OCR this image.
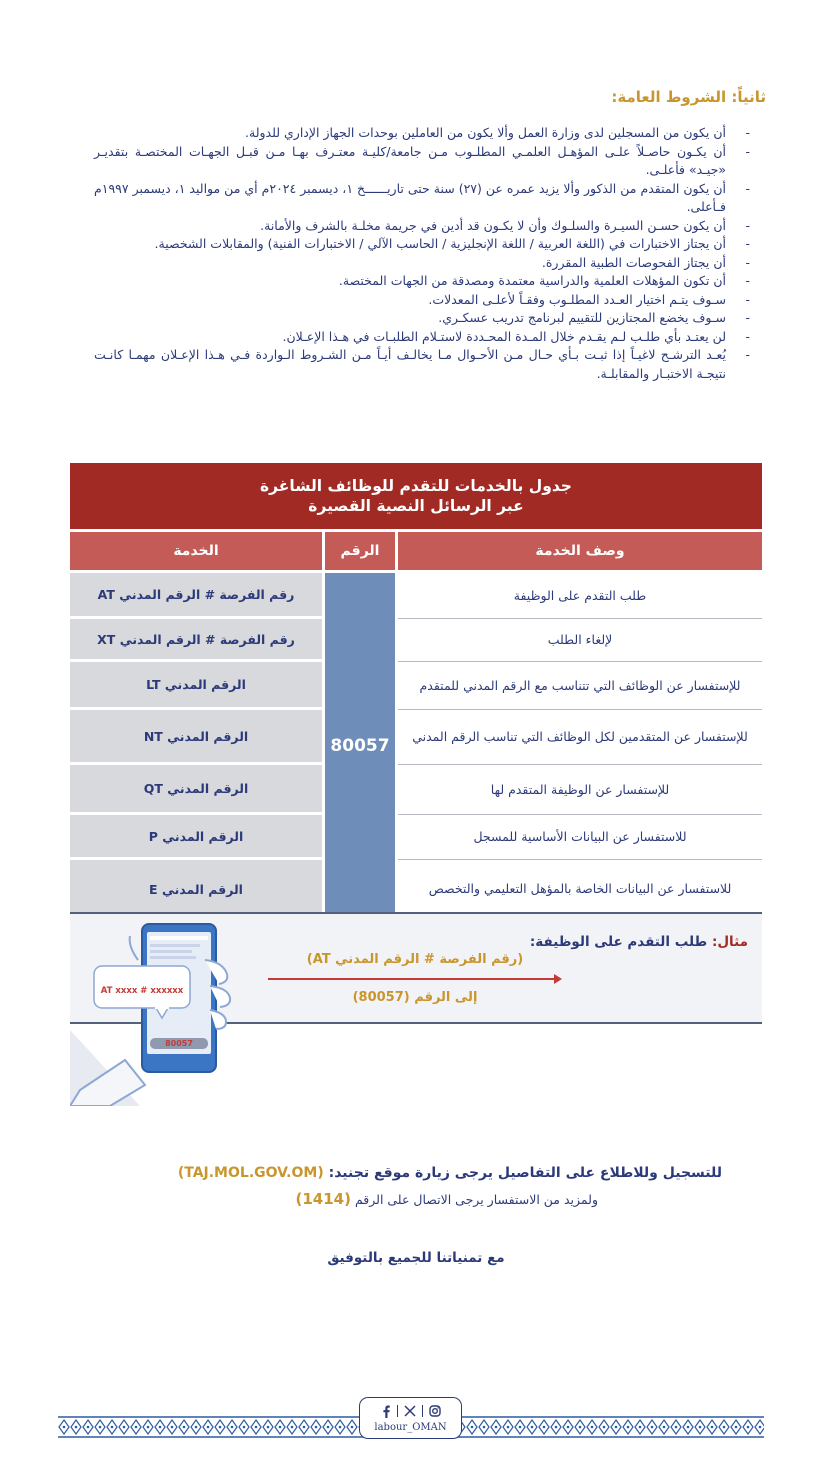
ثانياً: الشروط العامة:
- أن يكون من المسجلين لدى وزارة العمل وألا يكون من العاملين بوحدات الجهاز الإداري للدولة.
- أن يكـون حاصـلاً علـى المؤهـل العلمـي المطلـوب مـن جامعة/كليـة معتـرف بهـا مـن قبـل الجهـات المختصـة بتقديـر «جيـد» فأعلـى.
- أن يكون المتقدم من الذكور وألا يزيد عمره عن (٢٧) سنة حتى تاريــــــخ ١، ديسمبر ٢٠٢٤م أي من مواليد ١، ديسمبر ١٩٩٧م فـأعلى.
- أن يكون حسـن السيـرة والسلـوك وأن لا يكـون قد أدين في جريمة مخلـة بالشرف والأمانة.
- أن يجتاز الاختبارات في (اللغة العربية / اللغة الإنجليزية / الحاسب الآلي / الاختبارات الفنية) والمقابلات الشخصية.
- أن يجتاز الفحوصات الطبية المقررة.
- أن تكون المؤهلات العلمية والدراسية معتمدة ومصدقة من الجهات المختصة.
- سـوف يتـم اختيار العـدد المطلـوب وفقـاً لأعلـى المعدلات.
- سـوف يخضع المجتازين للتقييم لبرنامج تدريب عسكـري.
- لن يعتـد بأي طلـب لـم يقـدم خلال المـدة المحـددة لاستـلام الطلبـات في هـذا الإعـلان.
- يُعـد الترشـح لاغيـاً إذا ثبـت بـأي حـال مـن الأحـوال مـا يخالـف أيـاً مـن الشـروط الـواردة فـي هـذا الإعـلان مهمـا كانـت نتيجـة الاختبـار والمقابلـة.
جدول بالخدمات للتقدم للوظائف الشاغرة
عبر الرسائل النصية القصيرة
الخدمة	الرقم	وصف الخدمة
رقم الفرصة # الرقم المدني AT
رقم الفرصة # الرقم المدني XT
الرقم المدني LT
الرقم المدني NT
الرقم المدني QT
الرقم المدني P
الرقم المدني E
80057
طلب التقدم على الوظيفة
لإلغاء الطلب
للإستفسار عن الوظائف التي تتناسب مع الرقم المدني للمتقدم
للإستفسار عن المتقدمين لكل الوظائف التي تناسب الرقم المدني
للإستفسار عن الوظيفة المتقدم لها
للاستفسار عن البيانات الأساسية للمسجل
للاستفسار عن البيانات الخاصة بالمؤهل التعليمي والتخصص
مثال: طلب التقدم على الوظيفة:
(رقم الفرصة # الرقم المدني AT)
إلى الرقم (80057)
AT xxxx # xxxxxx
80057
للتسجيل وللاطلاع على التفاصيل يرجى زيارة موقع تجنيد: (TAJ.MOL.GOV.OM)
ولمزيد من الاستفسار يرجى الاتصال على الرقم (1414)
مع تمنياتنا للجميع بالتوفيق
labour_OMAN
